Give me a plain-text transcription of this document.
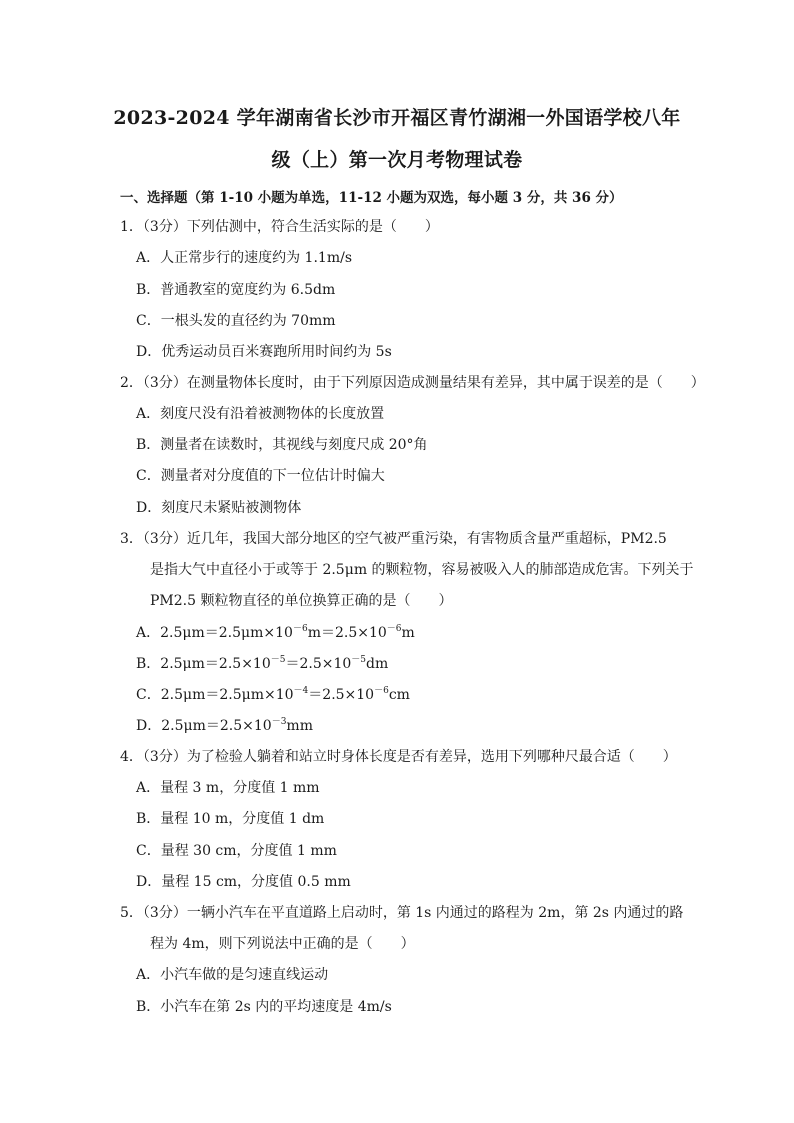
2023-2024 学年湖南省长沙市开福区青竹湖湘一外国语学校八年
级（上）第一次月考物理试卷
一、选择题（第 1-10 小题为单选，11-12 小题为双选，每小题 3 分，共 36 分）
1．（3分）下列估测中，符合生活实际的是（　　）
A．人正常步行的速度约为 1.1m/s
B．普通教室的宽度约为 6.5dm
C．一根头发的直径约为 70mm
D．优秀运动员百米赛跑所用时间约为 5s
2．（3分）在测量物体长度时，由于下列原因造成测量结果有差异，其中属于误差的是（　　）
A．刻度尺没有沿着被测物体的长度放置
B．测量者在读数时，其视线与刻度尺成 20°角
C．测量者对分度值的下一位估计时偏大
D．刻度尺未紧贴被测物体
3．（3分）近几年，我国大部分地区的空气被严重污染，有害物质含量严重超标，PM2.5
是指大气中直径小于或等于 2.5μm 的颗粒物，容易被吸入人的肺部造成危害。下列关于
PM2.5 颗粒物直径的单位换算正确的是（　　）
A．$2.5\mu m=2.5\mu m\times 10^{-6}m=2.5\times 10^{-6}m$
B．$2.5\mu m=2.5\times 10^{-5}=2.5\times 10^{-5}dm$
C．$2.5\mu m=2.5\mu m\times 10^{-4}=2.5\times 10^{-6}cm$
D．$2.5\mu m=2.5\times 10^{-3}mm$
4．（3分）为了检验人躺着和站立时身体长度是否有差异，选用下列哪种尺最合适（　　）
A．量程 3 m，分度值 1 mm
B．量程 10 m，分度值 1 dm
C．量程 30 cm，分度值 1 mm
D．量程 15 cm，分度值 0.5 mm
5．（3分）一辆小汽车在平直道路上启动时，第 1s 内通过的路程为 2m，第 2s 内通过的路
程为 4m，则下列说法中正确的是（　　）
A．小汽车做的是匀速直线运动
B．小汽车在第 2s 内的平均速度是 4m/s
